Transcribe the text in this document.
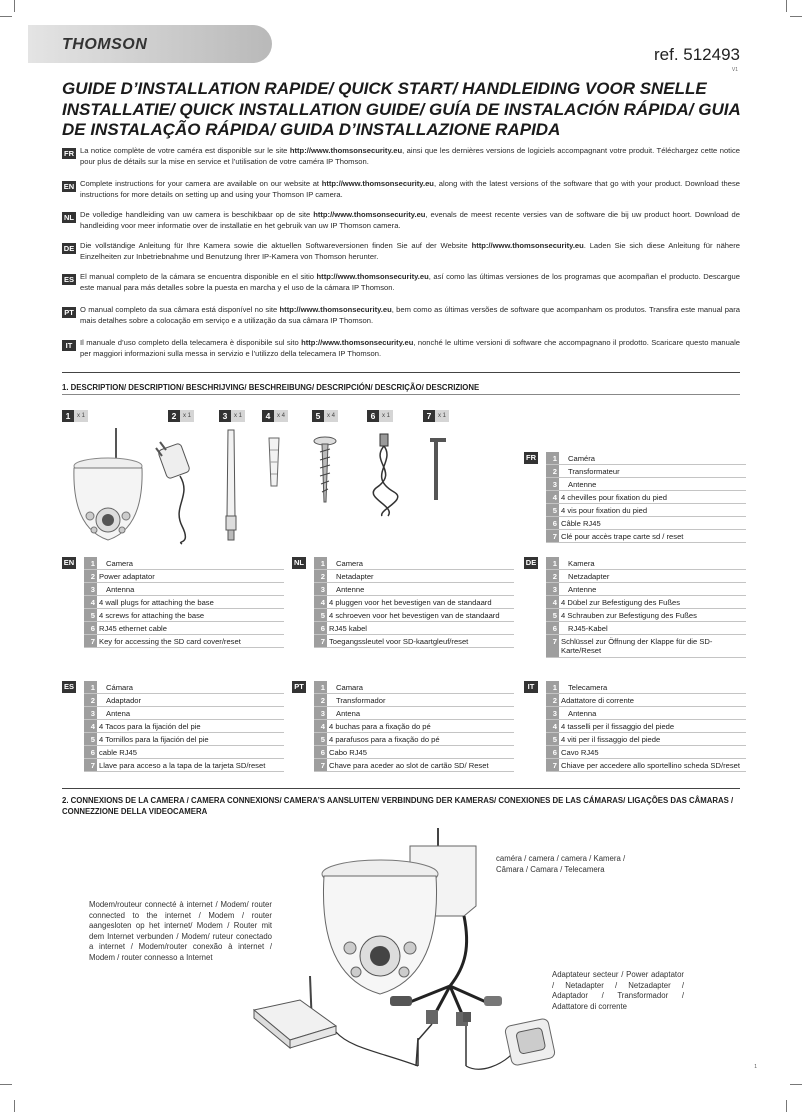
THOMSON
ref. 512493
V1
GUIDE D’INSTALLATION RAPIDE/ QUICK START/ HANDLEIDING VOOR SNELLE INSTALLATIE/ QUICK INSTALLATION GUIDE/ GUÍA DE INSTALACIÓN RÁPIDA/ GUIA DE INSTALAÇÃO RÁPIDA/ GUIDA D’INSTALLAZIONE RAPIDA
FR La notice complète de votre caméra est disponible sur le site http://www.thomsonsecurity.eu, ainsi que les dernières versions de logiciels accompagnant votre produit. Téléchargez cette notice pour plus de détails sur la mise en service et l’utilisation de votre caméra IP Thomson.
EN Complete instructions for your camera are available on our website at http://www.thomsonsecurity.eu, along with the latest versions of the software that go with your product. Download these instructions for more details on setting up and using your Thomson IP camera.
NL De volledige handleiding van uw camera is beschikbaar op de site http://www.thomsonsecurity.eu, evenals de meest recente versies van de software die bij uw product hoort. Download de handleiding voor meer informatie over de installatie en het gebruik van uw IP Thomson camera.
DE Die vollständige Anleitung für Ihre Kamera sowie die aktuellen Softwareversionen finden Sie auf der Website http://www.thomsonsecurity.eu. Laden Sie sich diese Anleitung für nähere Einzelheiten zur Inbetriebnahme und Benutzung Ihrer IP-Kamera von Thomson herunter.
ES El manual completo de la cámara se encuentra disponible en el sitio http://www.thomsonsecurity.eu, así como las últimas versiones de los programas que acompañan el producto. Descargue este manual para más detalles sobre la puesta en marcha y el uso de la cámara IP Thomson.
PT O manual completo da sua câmara está disponível no site http://www.thomsonsecurity.eu, bem como as últimas versões de software que acompanham os produtos. Transfira este manual para mais detalhes sobre a colocação em serviço e a utilização da sua câmara IP Thomson.
IT	Il manuale d’uso completo della telecamera è disponibile sul sito http://www.thomsonsecurity.eu, nonché le ultime versioni di software che accompagnano il prodotto. Scaricare questo manuale per maggiori informazioni sulla messa in servizio e l’utilizzo della telecamera IP Thomson.
1. DESCRIPTION/ DESCRIPTION/ BESCHRIJVING/ BESCHREIBUNG/ DESCRIPCIÓN/ DESCRIÇÃO/ DESCRIZIONE
1	x 1	2	x 1	3	x 1	4	x 4	5	x 4	6	x 1	7	x 1
FR	1	Caméra
2	Transformateur
3	Antenne
4 4 chevilles pour fixation du pied
5 4 vis pour fixation du pied
6 Câble RJ45
7 Clé pour accès trape carte sd / reset
EN	1	Camera
2 Power adaptator
3	Antenna
4 4 wall plugs for attaching the base
5 4 screws for attaching the base
6 RJ45 ethernet cable
7 Key for accessing the SD card cover/reset
NL	1	Camera
2	Netadapter
3	Antenne
4 4 pluggen voor het bevestigen van de standaard
5 4 schroeven voor het bevestigen van de standaard
6 RJ45 kabel
7 Toegangssleutel voor SD-kaartgleuf/reset
DE	1	Kamera
2	Netzadapter
3	Antenne
4 4 Dübel zur Befestigung des Fußes
5 4 Schrauben zur Befestigung des Fußes
6	RJ45-Kabel
7 Schlüssel zur Öffnung der Klappe für die SD-Karte/Reset
ES	1	Cámara
2	Adaptador
3	Antena
4 4 Tacos para la fijación del pie
5 4 Tornillos para la fijación del pie
6 cable RJ45
7 Llave para acceso a la tapa de la tarjeta SD/reset
PT	1	Camara
2	Transformador
3	Antena
4 4 buchas para a fixação do pé
5 4 parafusos para a fixação do pé
6 Cabo RJ45
7 Chave para aceder ao slot de cartão SD/ Reset
IT	1	Telecamera
2 Adattatore di corrente
3	Antenna
4 4 tasselli per il fissaggio del piede
5 4 viti per il fissaggio del piede
6 Cavo RJ45
7 Chiave per accedere allo sportellino scheda SD/reset
2. CONNEXIONS DE LA CAMERA / CAMERA CONNEXIONS/ CAMERA’S AANSLUITEN/ VERBINDUNG DER KAMERAS/ CONEXIONES DE LAS CÁMARAS/ LIGAÇÕES DAS CÂMARAS / CONNEZZIONE DELLA VIDEOCAMERA
caméra / camera / camera / Kamera / Câmara / Camara / Telecamera
Modem/routeur connecté à internet / Modem/ router connected to the internet / Modem / router aangesloten op het internet/ Modem / Router mit dem Internet verbunden / Modem/ ruteur conectado a internet / Modem/router conexão à internet / Modem / router connesso a Internet
Adaptateur secteur / Power adaptator / Netadapter / Netzadapter / Adaptador / Transformador / Adattatore di corrente
1
